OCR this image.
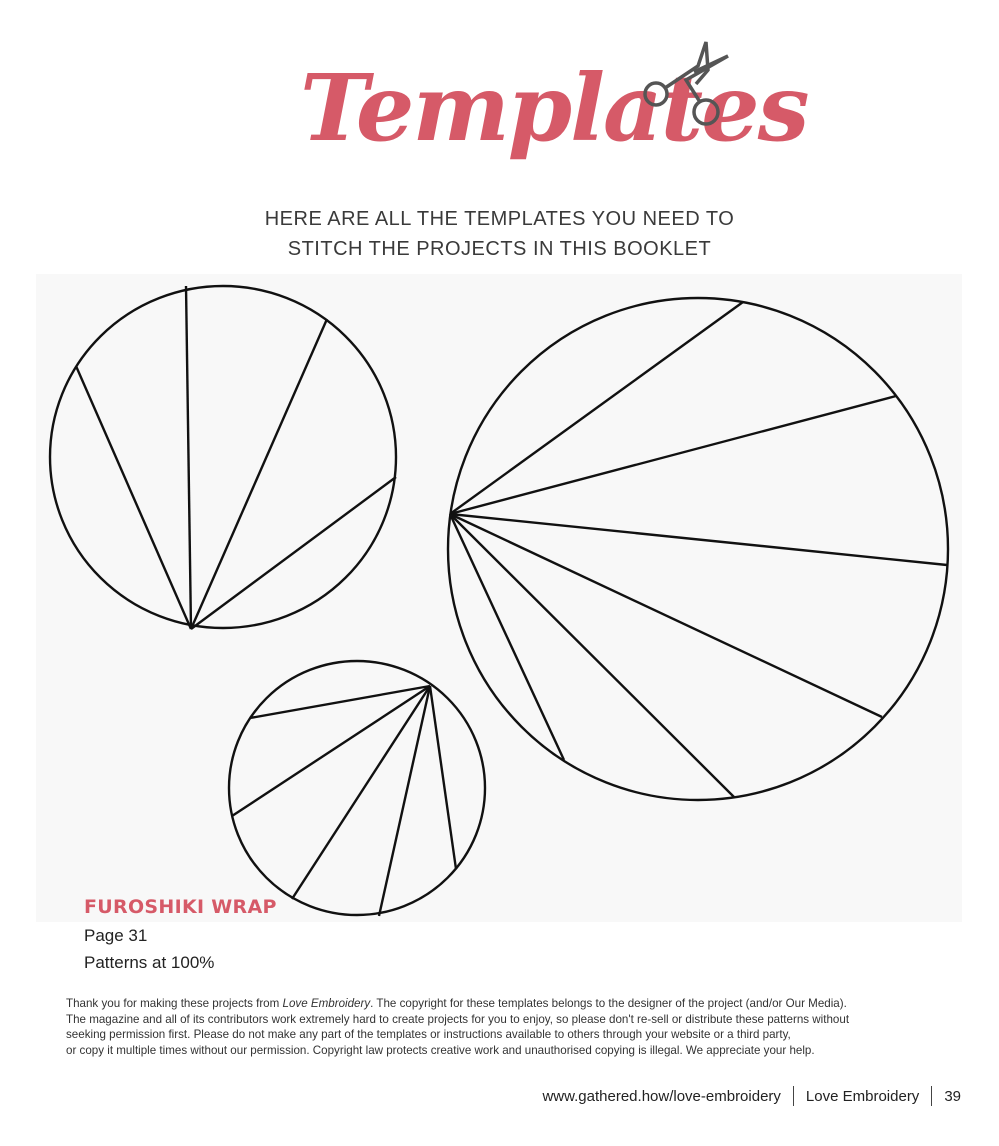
Templates
HERE ARE ALL THE TEMPLATES YOU NEED TO
STITCH THE PROJECTS IN THIS BOOKLET
FUROSHIKI WRAP
Page 31
Patterns at 100%

Thank you for making these projects from Love Embroidery. The copyright for these templates belongs to the designer of the project (and/or Our Media).

The magazine and all of its contributors work extremely hard to create projects for you to enjoy, so please don't re-sell or distribute these patterns without

seeking permission first. Please do not make any part of the templates or instructions available to others through your website or a third party,

or copy it multiple times without our permission. Copyright law protects creative work and unauthorised copying is illegal. We appreciate your help.

www.gathered.how/love-embroidery Love Embroidery 39
